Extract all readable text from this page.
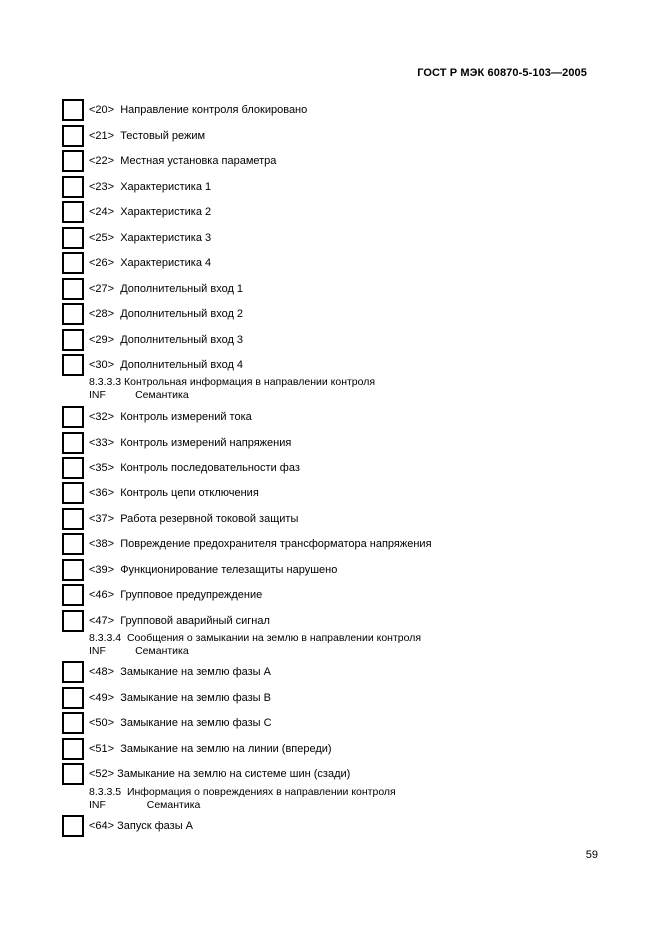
ГОСТ Р МЭК 60870-5-103—2005
<20>  Направление контроля блокировано
<21>  Тестовый режим
<22>  Местная установка параметра
<23>  Характеристика 1
<24>  Характеристика 2
<25>  Характеристика 3
<26>  Характеристика 4
<27>  Дополнительный вход 1
<28>  Дополнительный вход 2
<29>  Дополнительный вход 3
<30>  Дополнительный вход 4
8.3.3.3 Контрольная информация в направлении контроля
INF          Семантика
<32>  Контроль измерений тока
<33>  Контроль измерений напряжения
<35>  Контроль последовательности фаз
<36>  Контроль цепи отключения
<37>  Работа резервной токовой защиты
<38>  Повреждение предохранителя трансформатора напряжения
<39>  Функционирование телезащиты нарушено
<46>  Групповое предупреждение
<47>  Групповой аварийный сигнал
8.3.3.4  Сообщения о замыкании на землю в направлении контроля
INF          Семантика
<48>  Замыкание на землю фазы А
<49>  Замыкание на землю фазы В
<50>  Замыкание на землю фазы С
<51>  Замыкание на землю на линии (впереди)
<52> Замыкание на землю на системе шин (сзади)
8.3.3.5  Информация о повреждениях в направлении контроля
INF              Семантика
<64> Запуск фазы А
59
